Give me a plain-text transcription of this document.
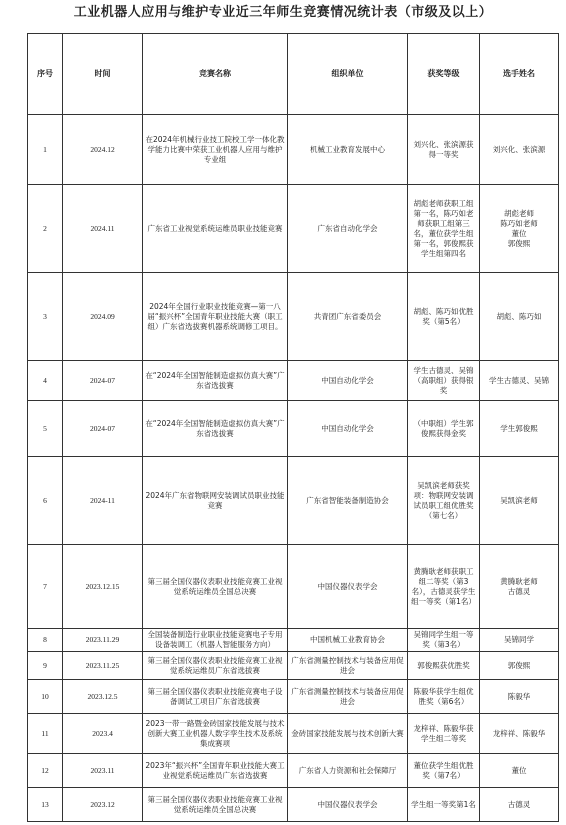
工业机器人应用与维护专业近三年师生竞赛情况统计表（市级及以上）
序号	时间	竞赛名称	组织单位	获奖等级	选手姓名
1	2024.12	在2024年机械行业技工院校工学一体化教学能力比赛中荣获工业机器人应用与维护专业组	机械工业教育发展中心	刘兴化、张滨源获得一等奖	刘兴化、张滨源
2	2024.11	广东省工业视觉系统运维员职业技能竞赛	广东省自动化学会	胡彪老师获职工组第一名，陈巧如老师获职工组第三名，董位获学生组第一名，郭俊熙获学生组第四名	胡彪老师
陈巧如老师
董位
郭俊熙
3	2024.09	2024年全国行业职业技能竞赛—第一八届“振兴杯”全国青年职业技能大赛（职工组）广东省选拔赛机器系统调修工项目。	共青团广东省委员会	胡彪、陈巧如优胜奖（第5名）	胡彪、陈巧如
4	2024-07	在“2024年全国智能制造虚拟仿真大赛”广东省选拔赛	中国自动化学会	学生古德灵、吴锦（高职组）获得银奖	学生古德灵、吴锦
5	2024-07	在“2024年全国智能制造虚拟仿真大赛”广东省选拔赛	中国自动化学会	（中职组）学生郭俊熙获得金奖	学生郭俊熙
6	2024-11	2024年广东省物联网安装调试员职业技能竞赛	广东省智能装备制造协会	吴凯滨老师获奖项：物联网安装调试员职工组优胜奖（第七名）	吴凯滨老师
7	2023.12.15	第三届全国仪器仪表职业技能竞赛工业视觉系统运维员全国总决赛	中国仪器仪表学会	黄腾耿老师获职工组二等奖（第3名），古德灵获学生组一等奖（第1名）	黄腾耿老师
古德灵
8	2023.11.29	全国装备制造行业职业技能竞赛电子专用设备装调工（机器人智能服务方向）	中国机械工业教育协会	吴锦同学生组一等奖（第3名）	吴锦同学
9	2023.11.25	第三届全国仪器仪表职业技能竞赛工业视觉系统运维员广东省选拔赛	广东省测量控制技术与装备应用促进会	郭俊熙获优胜奖	郭俊熙
10	2023.12.5	第三届全国仪器仪表职业技能竞赛电子设备调试工项目广东省选拔赛	广东省测量控制技术与装备应用促进会	陈毅华获学生组优胜奖（第6名）	陈毅华
11	2023.4	2023一带一路暨金砖国家技能发展与技术创新大赛工业机器人数字孪生技术及系统集成赛项	金砖国家技能发展与技术创新大赛	龙梓祥、陈毅华获学生组二等奖	龙梓祥、陈毅华
12	2023.11	2023年“振兴杯”全国青年职业技能大赛工业视觉系统运维员广东省选拔赛	广东省人力资源和社会保障厅	董位获学生组优胜奖（第7名）	董位
13	2023.12	第三届全国仪器仪表职业技能竞赛工业视觉系统运维员全国总决赛	中国仪器仪表学会	学生组一等奖第1名	古德灵
